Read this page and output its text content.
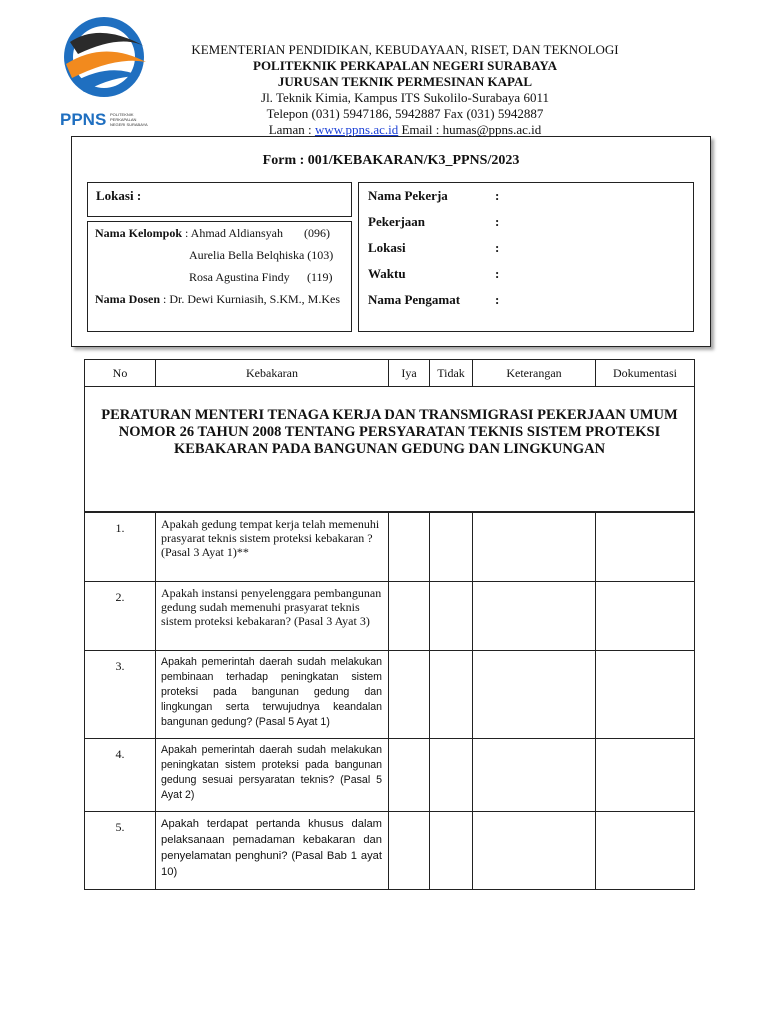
PPNS POLITEKNIK
PERKAPALAN
NEGERI SURABAYA
KEMENTERIAN PENDIDIKAN, KEBUDAYAAN, RISET, DAN TEKNOLOGI
POLITEKNIK PERKAPALAN NEGERI SURABAYA
JURUSAN TEKNIK PERMESINAN KAPAL
Jl. Teknik Kimia, Kampus ITS Sukolilo-Surabaya 6011
Telepon (031) 5947186, 5942887 Fax (031) 5942887
Laman : www.ppns.ac.id Email : humas@ppns.ac.id
Form : 001/KEBAKARAN/K3_PPNS/2023
Lokasi :
Nama Kelompok : Ahmad Aldiansyah (096)
Aurelia Bella Belqhiska (103)
Rosa Agustina Findy (119)
Nama Dosen : Dr. Dewi Kurniasih, S.KM., M.Kes
Nama Pekerja	:
Pekerjaan	:
Lokasi	:
Waktu	:
Nama Pengamat	:
No	Kebakaran	Iya	Tidak	Keterangan	Dokumentasi

PERATURAN MENTERI TENAGA KERJA DAN TRANSMIGRASI PEKERJAAN UMUM NOMOR 26 TAHUN 2008 TENTANG PERSYARATAN TEKNIS SISTEM PROTEKSI KEBAKARAN PADA BANGUNAN GEDUNG DAN LINGKUNGAN					

1.	Apakah gedung tempat kerja telah memenuhi prasyarat teknis sistem proteksi kebakaran ? (Pasal 3 Ayat 1)**				
2.	Apakah instansi penyelenggara pembangunan gedung sudah memenuhi prasyarat teknis sistem proteksi kebakaran? (Pasal 3 Ayat 3)				
3.	Apakah pemerintah daerah sudah melakukan pembinaan terhadap peningkatan sistem proteksi pada bangunan gedung dan lingkungan serta terwujudnya keandalan bangunan gedung? (Pasal 5 Ayat 1)				
4.	Apakah pemerintah daerah sudah melakukan peningkatan sistem proteksi pada bangunan gedung sesuai persyaratan teknis? (Pasal 5 Ayat 2)				
5.	Apakah terdapat pertanda khusus dalam pelaksanaan pemadaman kebakaran dan penyelamatan penghuni? (Pasal Bab 1 ayat 10)				
